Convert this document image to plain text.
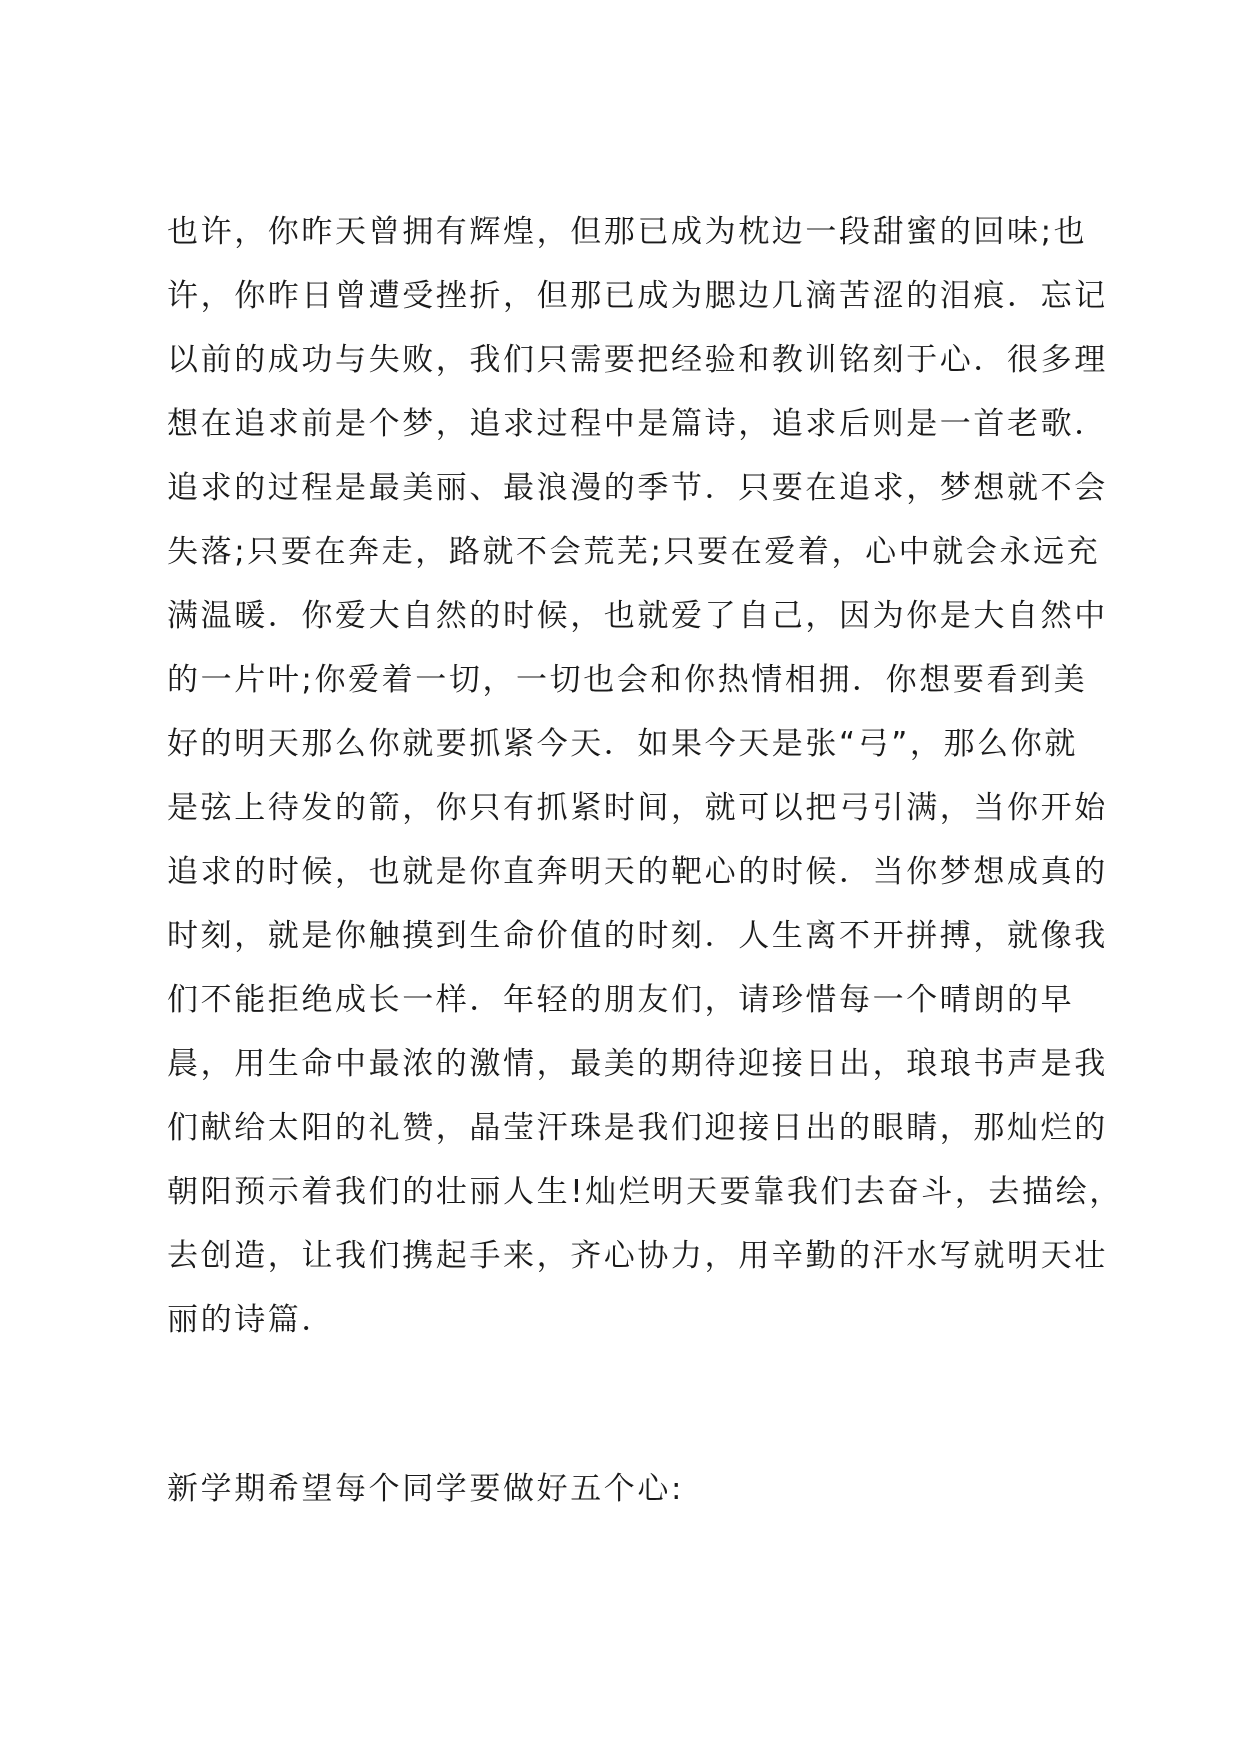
也许，你昨天曾拥有辉煌，但那已成为枕边一段甜蜜的回味;也
许，你昨日曾遭受挫折，但那已成为腮边几滴苦涩的泪痕．忘记
以前的成功与失败，我们只需要把经验和教训铭刻于心．很多理
想在追求前是个梦，追求过程中是篇诗，追求后则是一首老歌．
追求的过程是最美丽、最浪漫的季节．只要在追求，梦想就不会
失落;只要在奔走，路就不会荒芜;只要在爱着，心中就会永远充
满温暖．你爱大自然的时候，也就爱了自己，因为你是大自然中
的一片叶;你爱着一切，一切也会和你热情相拥．你想要看到美
好的明天那么你就要抓紧今天．如果今天是张“弓”，那么你就
是弦上待发的箭，你只有抓紧时间，就可以把弓引满，当你开始
追求的时候，也就是你直奔明天的靶心的时候．当你梦想成真的
时刻，就是你触摸到生命价值的时刻．人生离不开拼搏，就像我
们不能拒绝成长一样．年轻的朋友们，请珍惜每一个晴朗的早
晨，用生命中最浓的激情，最美的期待迎接日出，琅琅书声是我
们献给太阳的礼赞，晶莹汗珠是我们迎接日出的眼睛，那灿烂的
朝阳预示着我们的壮丽人生!灿烂明天要靠我们去奋斗，去描绘，
去创造，让我们携起手来，齐心协力，用辛勤的汗水写就明天壮
丽的诗篇．

新学期希望每个同学要做好五个心:
